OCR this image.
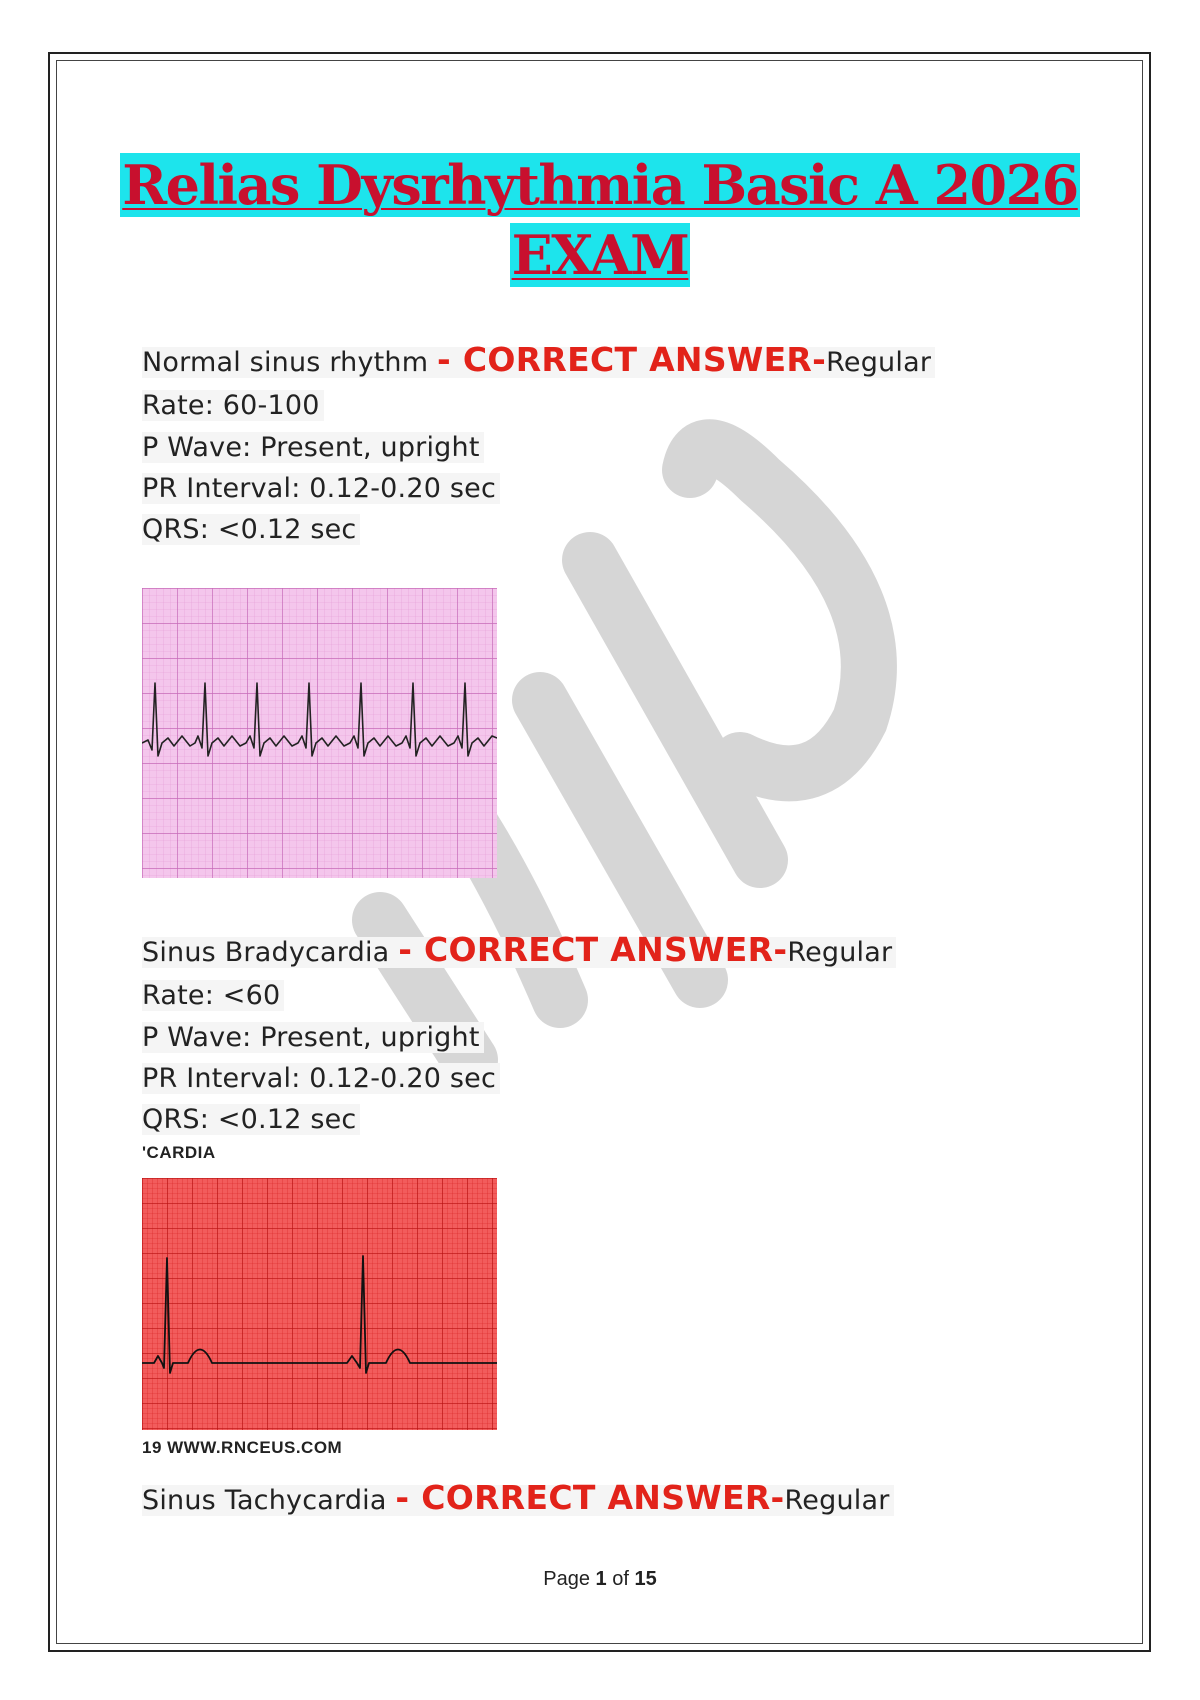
Relias Dysrhythmia Basic A 2026
EXAM
Normal sinus rhythm - CORRECT ANSWER-Regular
Rate: 60-100
P Wave: Present, upright
PR Interval: 0.12-0.20 sec
QRS: <0.12 sec
Sinus Bradycardia - CORRECT ANSWER-Regular
Rate: <60
P Wave: Present, upright
PR Interval: 0.12-0.20 sec
QRS: <0.12 sec
'CARDIA
19 WWW.RNCEUS.COM
Sinus Tachycardia - CORRECT ANSWER-Regular
Page 1 of 15
